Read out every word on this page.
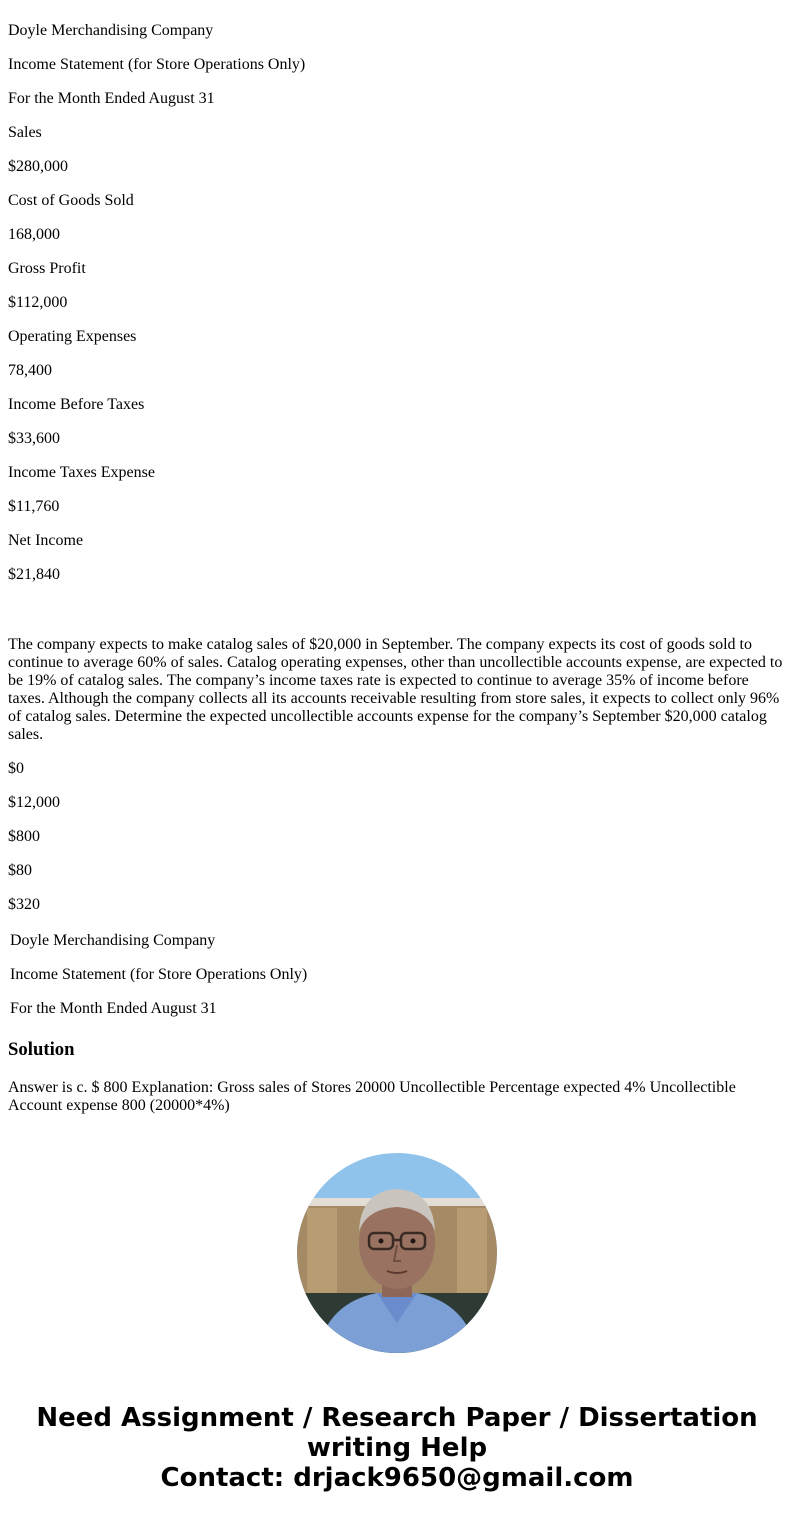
Doyle Merchandising Company

Income Statement (for Store Operations Only)

For the Month Ended August 31

Sales

$280,000

Cost of Goods Sold

168,000

Gross Profit

$112,000

Operating Expenses

78,400

Income Before Taxes

$33,600

Income Taxes Expense

$11,760

Net Income

$21,840

The company expects to make catalog sales of $20,000 in September. The company expects its cost of goods sold to continue to average 60% of sales. Catalog operating expenses, other than uncollectible accounts expense, are expected to be 19% of catalog sales. The company’s income taxes rate is expected to continue to average 35% of income before taxes. Although the company collects all its accounts receivable resulting from store sales, it expects to collect only 96% of catalog sales. Determine the expected uncollectible accounts expense for the company’s September $20,000 catalog sales.

$0

$12,000

$800

$80

$320

Doyle Merchandising Company

Income Statement (for Store Operations Only)

For the Month Ended August 31

Solution

Answer is c. $ 800 Explanation: Gross sales of Stores 20000 Uncollectible Percentage expected 4% Uncollectible Account expense 800 (20000*4%)

Need Assignment / Research Paper / Dissertation
writing Help
Contact: drjack9650@gmail.com
